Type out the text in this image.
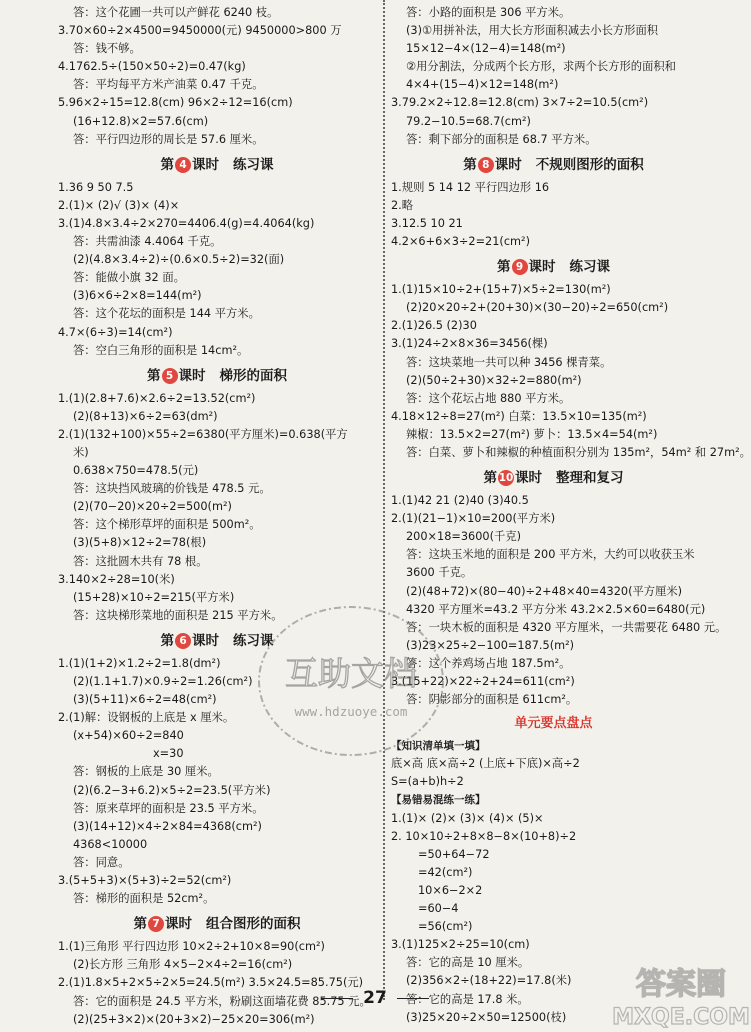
答：这个花圃一共可以产鲜花 6240 枝。
3.70×60÷2×4500=9450000(元) 9450000>800 万
答：钱不够。
4.1762.5÷(150×50÷2)=0.47(kg)
答：平均每平方米产油菜 0.47 千克。
5.96×2÷15=12.8(cm) 96×2÷12=16(cm)
(16+12.8)×2=57.6(cm)
答：平行四边形的周长是 57.6 厘米。
第 4 课时 练习课
1.36 9 50 7.5
2.(1)× (2)√ (3)× (4)×
3.(1)4.8×3.4÷2×270=4406.4(g)=4.4064(kg)
答：共需油漆 4.4064 千克。
(2)(4.8×3.4÷2)÷(0.6×0.5÷2)=32(面)
答：能做小旗 32 面。
(3)6×6÷2×8=144(m²)
答：这个花坛的面积是 144 平方米。
4.7×(6÷3)=14(cm²)
答：空白三角形的面积是 14cm²。
第 5 课时 梯形的面积
1.(1)(2.8+7.6)×2.6÷2=13.52(cm²)
(2)(8+13)×6÷2=63(dm²)
2.(1)(132+100)×55÷2=6380(平方厘米)=0.638(平方
米)
0.638×750=478.5(元)
答：这块挡风玻璃的价钱是 478.5 元。
(2)(70−20)×20÷2=500(m²)
答：这个梯形草坪的面积是 500m²。
(3)(5+8)×12÷2=78(根)
答：这批圆木共有 78 根。
3.140×2÷28=10(米)
(15+28)×10÷2=215(平方米)
答：这块梯形菜地的面积是 215 平方米。
第 6 课时 练习课
1.(1)(1+2)×1.2÷2=1.8(dm²)
(2)(1.1+1.7)×0.9÷2=1.26(cm²)
(3)(5+11)×6÷2=48(cm²)
2.(1)解：设钢板的上底是 x 厘米。
(x+54)×60÷2=840
x=30
答：钢板的上底是 30 厘米。
(2)(6.2−3+6.2)×5÷2=23.5(平方米)
答：原来草坪的面积是 23.5 平方米。
(3)(14+12)×4÷2×84=4368(cm²)
4368<10000
答：同意。
3.(5+5+3)×(5+3)÷2=52(cm²)
答：梯形的面积是 52cm²。
第 7 课时 组合图形的面积
1.(1)三角形 平行四边形 10×2÷2+10×8=90(cm²)
(2)长方形 三角形 4×5−2×4÷2=16(cm²)
2.(1)1.8×5+2×5÷2×5=24.5(m²) 3.5×24.5=85.75(元)
答：它的面积是 24.5 平方米，粉刷这面墙花费 85.75 元。
(2)(25+3×2)×(20+3×2)−25×20=306(m²)
答：小路的面积是 306 平方米。
(3)①用拼补法，用大长方形面积减去小长方形面积
15×12−4×(12−4)=148(m²)
②用分割法，分成两个长方形，求两个长方形的面积和
4×4+(15−4)×12=148(m²)
3.79.2×2÷12.8=12.8(cm) 3×7÷2=10.5(cm²)
79.2−10.5=68.7(cm²)
答：剩下部分的面积是 68.7 平方米。
第 8 课时 不规则图形的面积
1.规则 5 14 12 平行四边形 16
2.略
3.12.5 10 21
4.2×6+6×3÷2=21(cm²)
第 9 课时 练习课
1.(1)15×10÷2+(15+7)×5÷2=130(m²)
(2)20×20÷2+(20+30)×(30−20)÷2=650(cm²)
2.(1)26.5 (2)30
3.(1)24÷2×8×36=3456(棵)
答：这块菜地一共可以种 3456 棵青菜。
(2)(50÷2+30)×32÷2=880(m²)
答：这个花坛占地 880 平方米。
4.18×12÷8=27(m²) 白菜：13.5×10=135(m²)
辣椒：13.5×2=27(m²) 萝卜：13.5×4=54(m²)
答：白菜、萝卜和辣椒的种植面积分别为 135m²，54m² 和 27m²。
第 10 课时 整理和复习
1.(1)42 21 (2)40 (3)40.5
2.(1)(21−1)×10=200(平方米)
200×18=3600(千克)
答：这块玉米地的面积是 200 平方米，大约可以收获玉米
3600 千克。
(2)(48+72)×(80−40)÷2+48×40=4320(平方厘米)
4320 平方厘米=43.2 平方分米 43.2×2.5×60=6480(元)
答：一块木板的面积是 4320 平方厘米，一共需要花 6480 元。
(3)23×25÷2−100=187.5(m²)
答：这个养鸡场占地 187.5m²。
3.(15+22)×22÷2+24=611(cm²)
答：阴影部分的面积是 611cm²。
单元要点盘点
【知识清单填一填】
底×高 底×高÷2 (上底+下底)×高÷2
S=(a+b)h÷2
【易错易混练一练】
1.(1)× (2)× (3)× (4)× (5)×
2. 10×10÷2+8×8−8×(10+8)÷2
=50+64−72
=42(cm²)
10×6−2×2
=60−4
=56(cm²)
3.(1)125×2÷25=10(cm)
答：它的高是 10 厘米。
(2)356×2÷(18+22)=17.8(米)
答：它的高是 17.8 米。
(3)25×20÷2×50=12500(枝)
互助文档
www.hdzuoye.com
答案圈
MXQE.COM
27
